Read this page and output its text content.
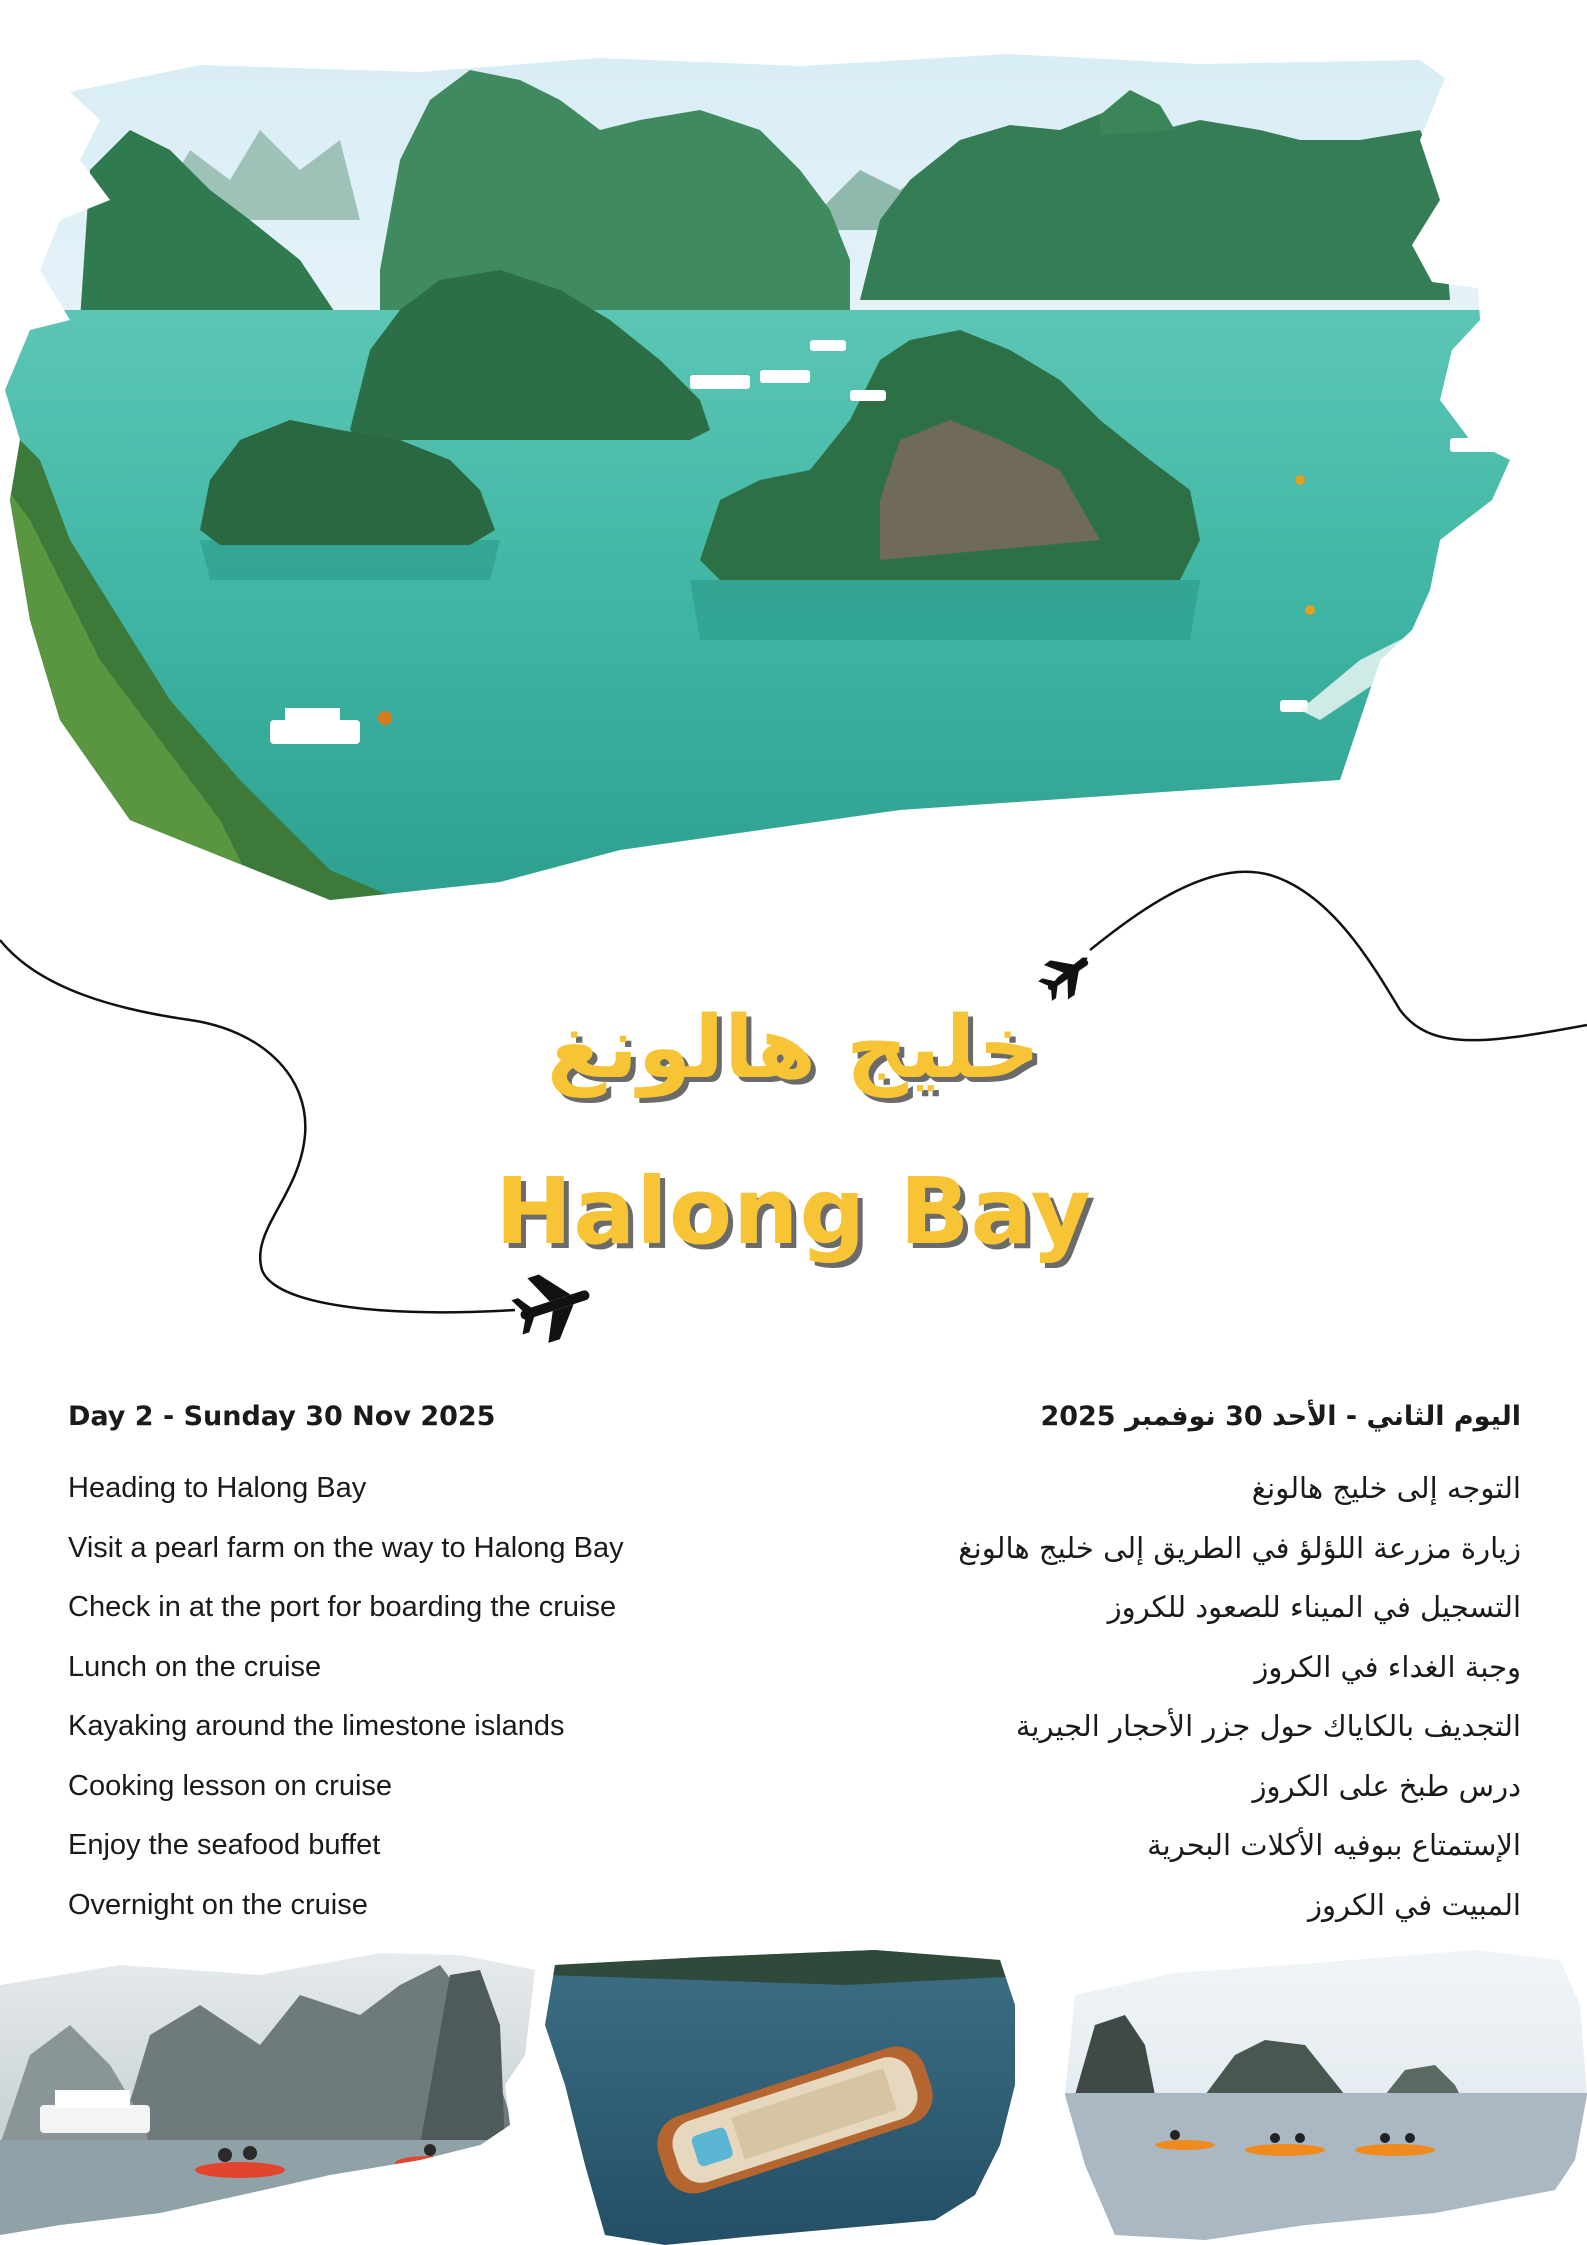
خليج هالونغ
Halong Bay
Day 2 - Sunday 30 Nov 2025
Heading to Halong Bay
Visit a pearl farm on the way to Halong Bay
Check in at the port for boarding the cruise
Lunch on the cruise
Kayaking around the limestone islands
Cooking lesson on cruise
Enjoy the seafood buffet
Overnight on the cruise
اليوم الثاني - الأحد 30 نوفمبر 2025
التوجه إلى خليج هالونغ
زيارة مزرعة اللؤلؤ في الطريق إلى خليج هالونغ
التسجيل في الميناء للصعود للكروز
وجبة الغداء في الكروز
التجديف بالكاياك حول جزر الأحجار الجيرية
درس طبخ على الكروز
الإستمتاع ببوفيه الأكلات البحرية
المبيت في الكروز
